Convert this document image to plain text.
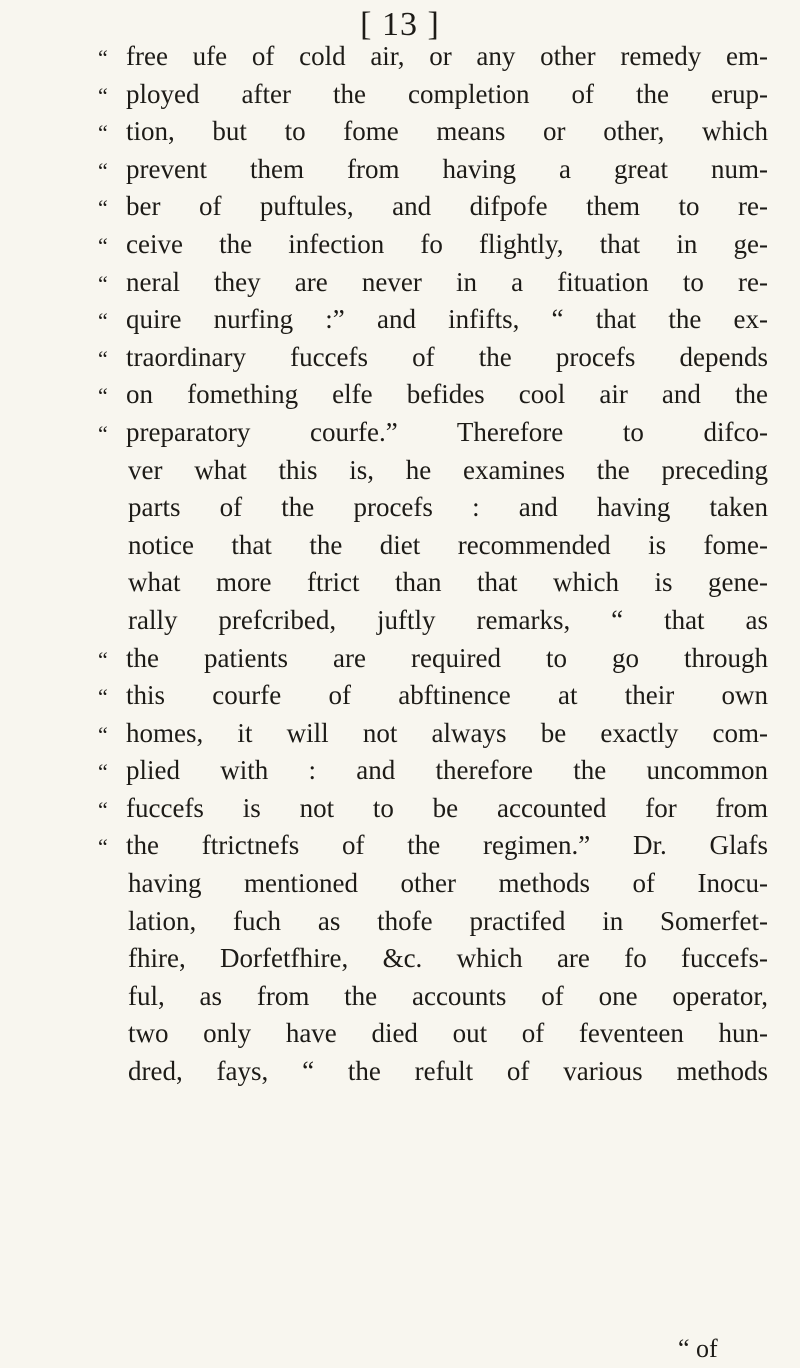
[ 13 ]
“ free ufe of cold air, or any other remedy em-
“ ployed after the completion of the erup-
“ tion, but to fome means or other, which
“ prevent them from having a great num-
“ ber of puftules, and difpofe them to re-
“ ceive the infection fo flightly, that in ge-
“ neral they are never in a fituation to re-
“ quire nurfing :” and infifts, “ that the ex-
“ traordinary fuccefs of the procefs depends
“ on fomething elfe befides cool air and the
“ preparatory courfe.” Therefore to difco-
ver what this is, he examines the preceding
parts of the procefs : and having taken
notice that the diet recommended is fome-
what more ftrict than that which is gene-
rally prefcribed, juftly remarks, “ that as
“ the patients are required to go through
“ this courfe of abftinence at their own
“ homes, it will not always be exactly com-
“ plied with : and therefore the uncommon
“ fuccefs is not to be accounted for from
“ the ftrictnefs of the regimen.” Dr. Glafs
having mentioned other methods of Inocu-
lation, fuch as thofe practifed in Somerfet-
fhire, Dorfetfhire, &c. which are fo fuccefs-
ful, as from the accounts of one operator,
two only have died out of feventeen hun-
dred, fays, “ the refult of various methods
“ of
